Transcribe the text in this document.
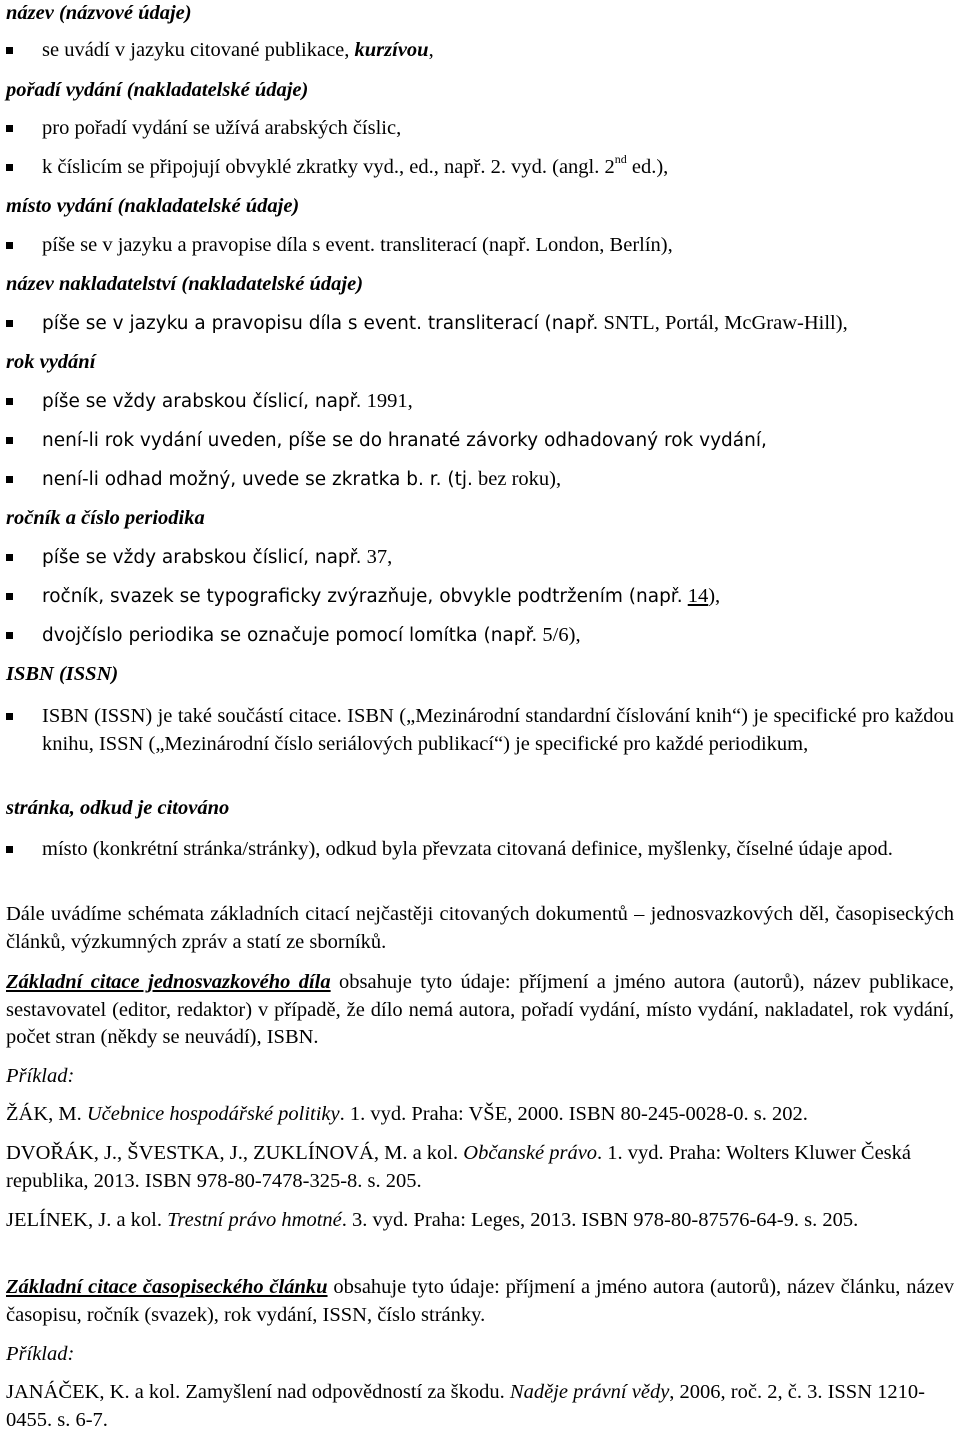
název (názvové údaje)
se uvádí v jazyku citované publikace, kurzívou,
pořadí vydání (nakladatelské údaje)
pro pořadí vydání se užívá arabských číslic,
k číslicím se připojují obvyklé zkratky vyd., ed., např. 2. vyd. (angl. 2nd ed.),
místo vydání (nakladatelské údaje)
píše se v jazyku a pravopise díla s event. transliterací (např. London, Berlín),
název nakladatelství (nakladatelské údaje)
píše se v jazyku a pravopisu díla s event. transliterací (např. SNTL, Portál, McGraw-Hill),
rok vydání
píše se vždy arabskou číslicí, např. 1991,
není-li rok vydání uveden, píše se do hranaté závorky odhadovaný rok vydání,
není-li odhad možný, uvede se zkratka b. r. (tj. bez roku),
ročník a číslo periodika
píše se vždy arabskou číslicí, např. 37,
ročník, svazek se typograficky zvýrazňuje, obvykle podtržením (např. 14),
dvojčíslo periodika se označuje pomocí lomítka (např. 5/6),
ISBN (ISSN)
ISBN (ISSN) je také součástí citace. ISBN („Mezinárodní standardní číslování knih“) je specifické pro každou knihu, ISSN („Mezinárodní číslo seriálových publikací“) je specifické pro každé periodikum,
stránka, odkud je citováno
místo (konkrétní stránka/stránky), odkud byla převzata citovaná definice, myšlenky, číselné údaje apod.
Dále uvádíme schémata základních citací nejčastěji citovaných dokumentů – jednosvazkových děl, časopiseckých článků, výzkumných zpráv a statí ze sborníků.
Základní citace jednosvazkového díla obsahuje tyto údaje: příjmení a jméno autora (autorů), název publikace, sestavovatel (editor, redaktor) v případě, že dílo nemá autora, pořadí vydání, místo vydání, nakladatel, rok vydání, počet stran (někdy se neuvádí), ISBN.
Příklad:
ŽÁK, M. Učebnice hospodářské politiky. 1. vyd. Praha: VŠE, 2000. ISBN 80-245-0028-0. s. 202.
DVOŘÁK, J., ŠVESTKA, J., ZUKLÍNOVÁ, M. a kol. Občanské právo. 1. vyd. Praha: Wolters Kluwer Česká republika, 2013. ISBN 978-80-7478-325-8. s. 205.
JELÍNEK, J. a kol. Trestní právo hmotné. 3. vyd. Praha: Leges, 2013. ISBN 978-80-87576-64-9. s. 205.
Základní citace časopiseckého článku obsahuje tyto údaje: příjmení a jméno autora (autorů), název článku, název časopisu, ročník (svazek), rok vydání, ISSN, číslo stránky.
Příklad:
JANÁČEK, K. a kol. Zamyšlení nad odpovědností za škodu. Naděje právní vědy, 2006, roč. 2, č. 3. ISSN 1210-0455. s. 6-7.
